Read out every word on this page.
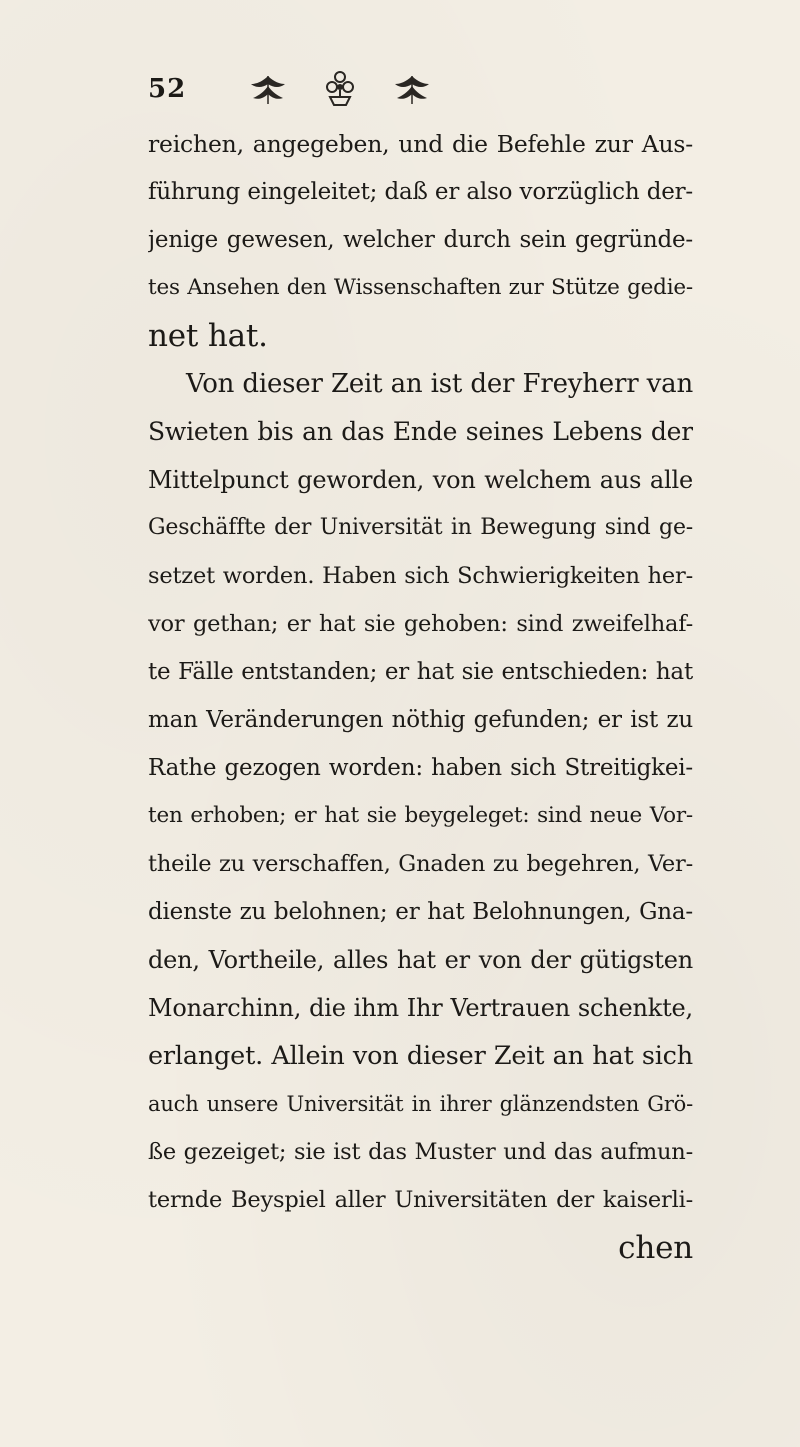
52
reichen, angegeben, und die Befehle zur Aus-
führung eingeleitet; daß er also vorzüglich der-
jenige gewesen, welcher durch sein gegründe-
tes Ansehen den Wissenschaften zur Stütze gedie-
net hat.
Von dieser Zeit an ist der Freyherr van
Swieten bis an das Ende seines Lebens der
Mittelpunct geworden, von welchem aus alle
Geschäffte der Universität in Bewegung sind ge-
setzet worden. Haben sich Schwierigkeiten her-
vor gethan; er hat sie gehoben: sind zweifelhaf-
te Fälle entstanden; er hat sie entschieden: hat
man Veränderungen nöthig gefunden; er ist zu
Rathe gezogen worden: haben sich Streitigkei-
ten erhoben; er hat sie beygeleget: sind neue Vor-
theile zu verschaffen, Gnaden zu begehren, Ver-
dienste zu belohnen; er hat Belohnungen, Gna-
den, Vortheile, alles hat er von der gütigsten
Monarchinn, die ihm Ihr Vertrauen schenkte,
erlanget. Allein von dieser Zeit an hat sich
auch unsere Universität in ihrer glänzendsten Grö-
ße gezeiget; sie ist das Muster und das aufmun-
ternde Beyspiel aller Universitäten der kaiserli-
chen
